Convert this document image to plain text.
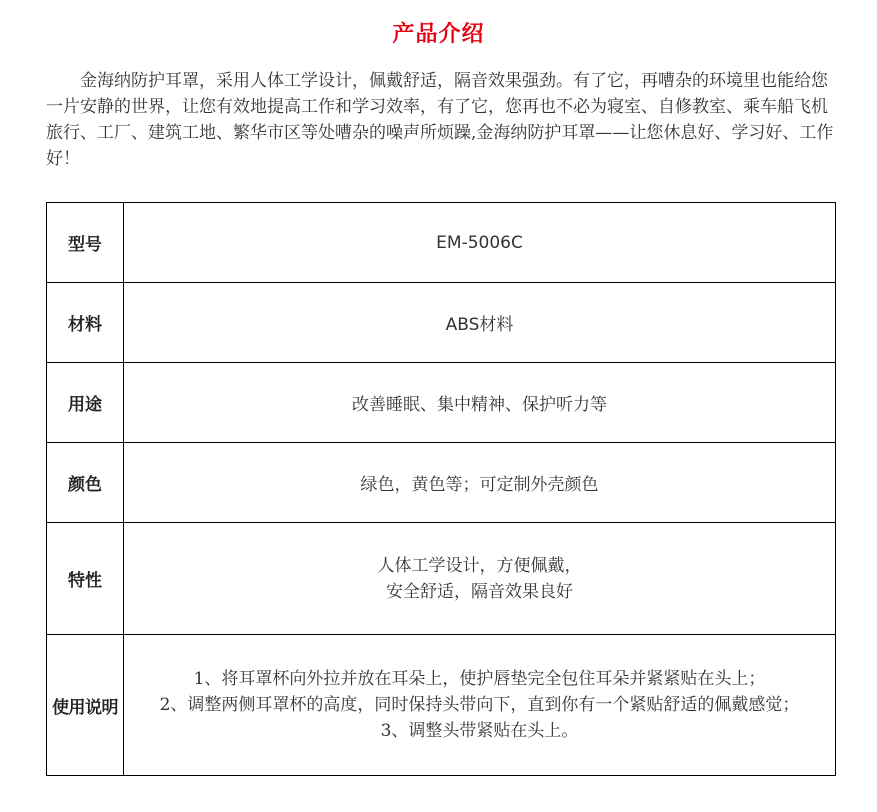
产品介绍

金海纳防护耳罩，采用人体工学设计，佩戴舒适，隔音效果强劲。有了它，再嘈杂的环境里也能给您一片安静的世界，让您有效地提高工作和学习效率，有了它，您再也不必为寝室、自修教室、乘车船飞机旅行、工厂、建筑工地、繁华市区等处嘈杂的噪声所烦躁,金海纳防护耳罩——让您休息好、学习好、工作好！

型号	EM-5006C
材料	ABS材料
用途	改善睡眠、集中精神、保护听力等
颜色	绿色，黄色等；可定制外壳颜色
特性	人体工学设计，方便佩戴，
安全舒适，隔音效果良好

使用说明	1、将耳罩杯向外拉并放在耳朵上，使护唇垫完全包住耳朵并紧紧贴在头上；
2、调整两侧耳罩杯的高度，同时保持头带向下，直到你有一个紧贴舒适的佩戴感觉；
3、调整头带紧贴在头上。
